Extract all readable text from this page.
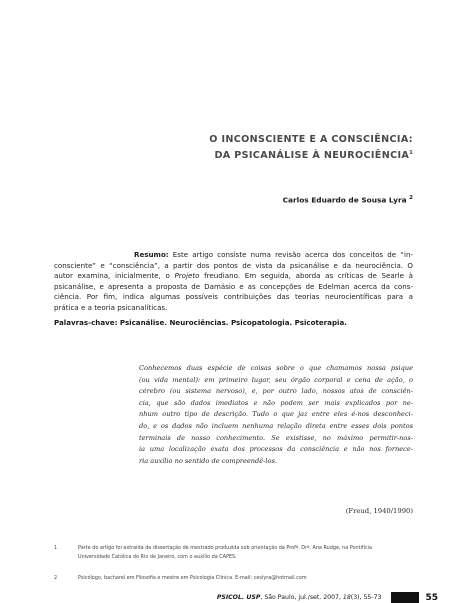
O INCONSCIENTE E A CONSCIÊNCIA:
DA PSICANÁLISE À NEUROCIÊNCIA$^1$
Carlos Eduardo de Sousa Lyra $^2$
Resumo: Este artigo consiste numa revisão acerca dos conceitos de “in-
consciente” e “consciência”, a partir dos pontos de vista da psicanálise e da neurociência. O
autor examina, inicialmente, o Projeto freudiano. Em seguida, aborda as críticas de Searle à
psicanálise, e apresenta a proposta de Damásio e as concepções de Edelman acerca da cons-
ciência. Por fim, indica algumas possíveis contribuições das teorias neurocientíficas para a
prática e a teoria psicanalíticas.
Palavras-chave: Psicanálise. Neurociências. Psicopatologia. Psicoterapia.
Conhecemos duas espécie de coisas sobre o que chamamos nossa psique
(ou vida mental): em primeiro lugar, seu órgão corporal e cena de ação, o
cérebro (ou sistema nervoso), e, por outro lado, nossos atos de consciên-
cia, que são dados imediatos e não podem ser mais explicados por ne-
nhum outro tipo de descrição. Tudo o que jaz entre eles é-nos desconheci-
do, e os dados não incluem nenhuma relação direta entre esses dois pontos
terminais de nosso conhecimento. Se existisse, no máximo permitir-nos-
ia uma localização exata dos processos da consciência e não nos fornece-
ria auxílio no sentido de compreendê-los.
(Freud, 1940/1990)
1	Parte do artigo foi extraída de dissertação de mestrado produzida sob orientação da Profª. Drª. Ana Rudge, na Pontifícia
Universidade Católica do Rio de Janeiro, com o auxílio da CAPES.
2	Psicólogo, bacharel em Filosofia e mestre em Psicologia Clínica. E-mail: ceslyra@hotmail.com
PSICOL. USP, São Paulo, jul./set. 2007, 18(3), 55-73	55
